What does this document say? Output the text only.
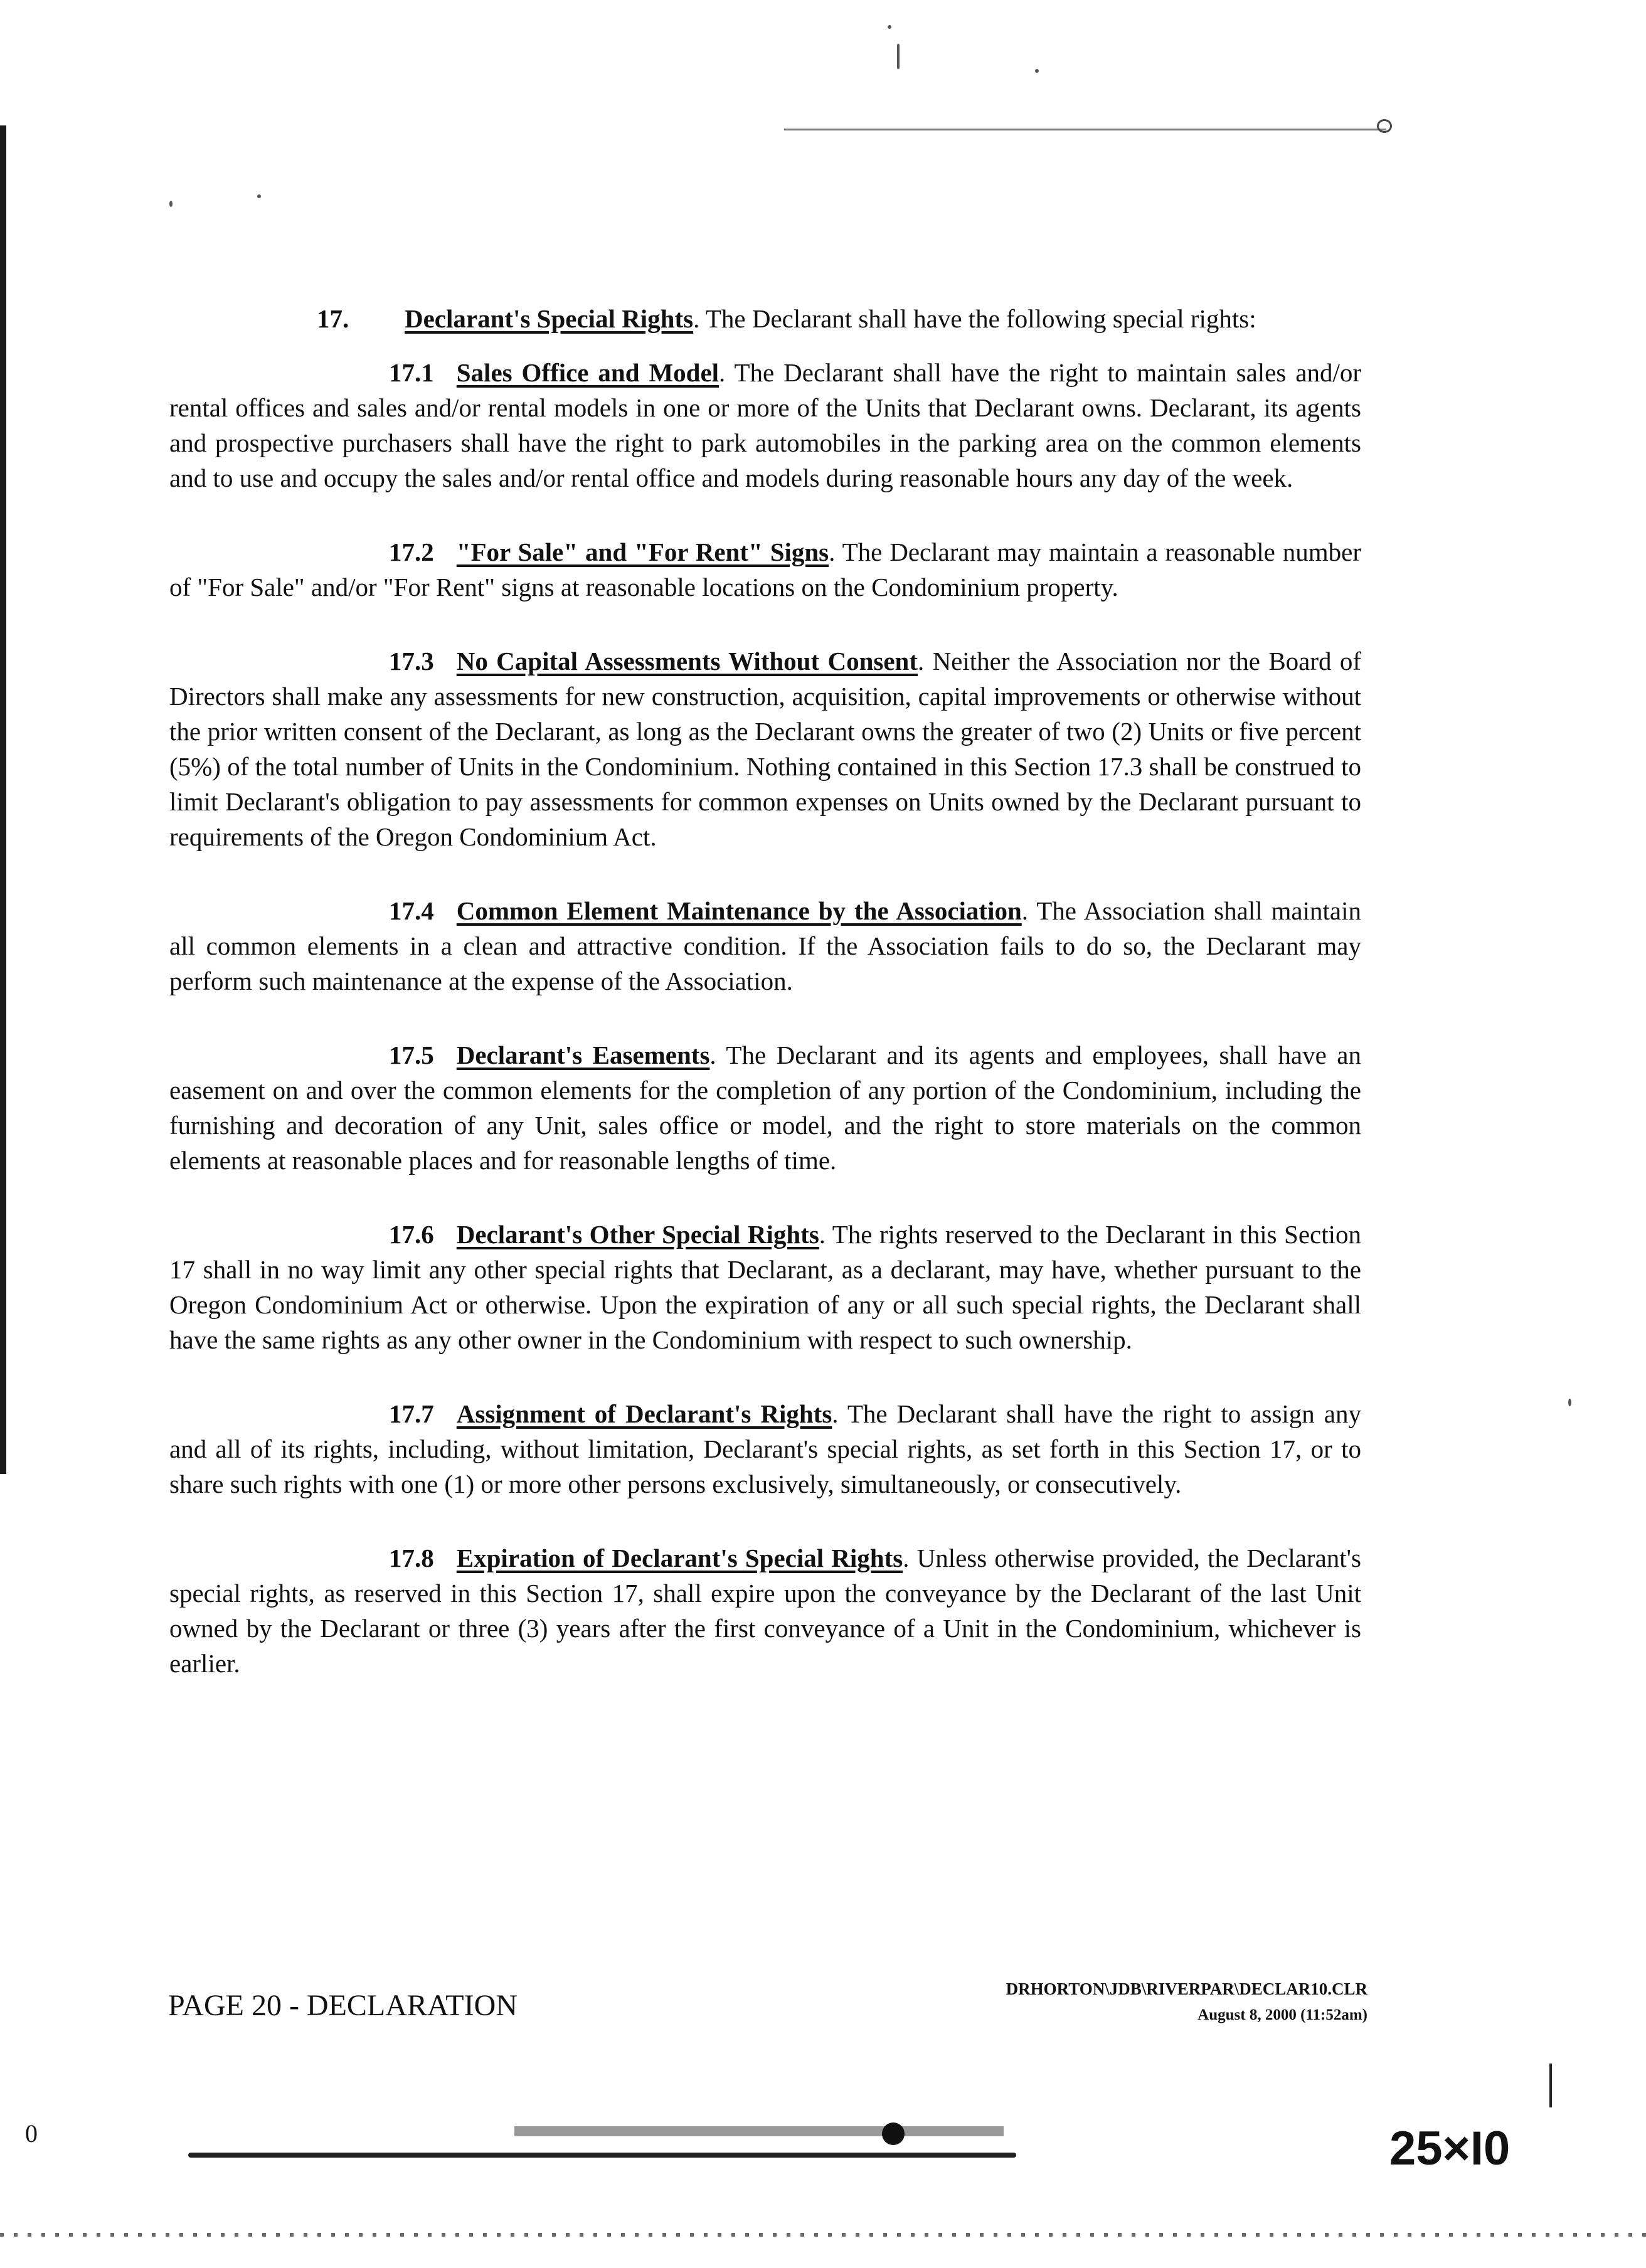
17.	Declarant's Special Rights. The Declarant shall have the following special rights:

17.1 Sales Office and Model. The Declarant shall have the right to maintain sales and/or rental offices and sales and/or rental models in one or more of the Units that Declarant owns. Declarant, its agents and prospective purchasers shall have the right to park automobiles in the parking area on the common elements and to use and occupy the sales and/or rental office and models during reasonable hours any day of the week.

17.2 "For Sale" and "For Rent" Signs. The Declarant may maintain a reasonable number of "For Sale" and/or "For Rent" signs at reasonable locations on the Condominium property.

17.3 No Capital Assessments Without Consent. Neither the Association nor the Board of Directors shall make any assessments for new construction, acquisition, capital improvements or otherwise without the prior written consent of the Declarant, as long as the Declarant owns the greater of two (2) Units or five percent (5%) of the total number of Units in the Condominium. Nothing contained in this Section 17.3 shall be construed to limit Declarant's obligation to pay assessments for common expenses on Units owned by the Declarant pursuant to requirements of the Oregon Condominium Act.

17.4 Common Element Maintenance by the Association. The Association shall maintain all common elements in a clean and attractive condition. If the Association fails to do so, the Declarant may perform such maintenance at the expense of the Association.

17.5 Declarant's Easements. The Declarant and its agents and employees, shall have an easement on and over the common elements for the completion of any portion of the Condominium, including the furnishing and decoration of any Unit, sales office or model, and the right to store materials on the common elements at reasonable places and for reasonable lengths of time.

17.6 Declarant's Other Special Rights. The rights reserved to the Declarant in this Section 17 shall in no way limit any other special rights that Declarant, as a declarant, may have, whether pursuant to the Oregon Condominium Act or otherwise. Upon the expiration of any or all such special rights, the Declarant shall have the same rights as any other owner in the Condominium with respect to such ownership.

17.7 Assignment of Declarant's Rights. The Declarant shall have the right to assign any and all of its rights, including, without limitation, Declarant's special rights, as set forth in this Section 17, or to share such rights with one (1) or more other persons exclusively, simultaneously, or consecutively.

17.8 Expiration of Declarant's Special Rights. Unless otherwise provided, the Declarant's special rights, as reserved in this Section 17, shall expire upon the conveyance by the Declarant of the last Unit owned by the Declarant or three (3) years after the first conveyance of a Unit in the Condominium, whichever is earlier.

PAGE 20 - DECLARATION	DRHORTON\JDB\RIVERPAR\DECLAR10.CLR
August 8, 2000 (11:52am)
0	25×I0
